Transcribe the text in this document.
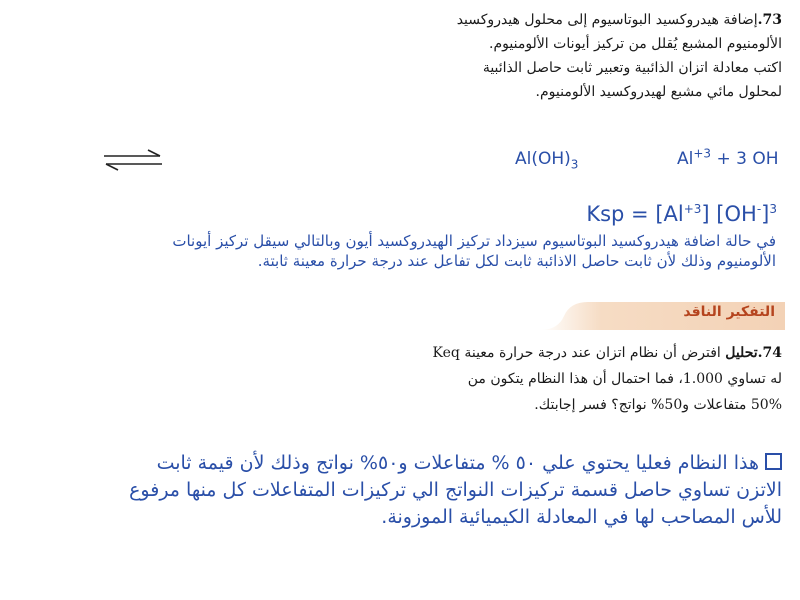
73.إضافة هيدروكسيد البوتاسيوم إلى محلول هيدروكسيد
الألومنيوم المشبع يُقلل من تركيز أيونات الألومنيوم.
اكتب معادلة اتزان الذائبية وتعبير ثابت حاصل الذائبية
لمحلول مائي مشبع لهيدروكسيد الألومنيوم.
$Al(OH)_3$	$Al^{+3} + 3$ OH
Ksp = $[Al^{+3}]$ $[OH^-]^3$
في حالة اضافة هيدروكسيد البوتاسيوم سيزداد تركيز الهيدروكسيد أيون وبالتالي سيقل تركيز أيونات
الألومنيوم وذلك لأن ثابت حاصل الاذائبة ثابت لكل تفاعل عند درجة حرارة معينة ثابتة.
التفكير الناقد
74.تحليل افترض أن نظام اتزان عند درجة حرارة معينة Keq
له تساوي 1.000، فما احتمال أن هذا النظام يتكون من
50% متفاعلات و50% نواتج؟ فسر إجابتك.
هذا النظام فعليا يحتوي علي ٥٠ % متفاعلات و٥٠% نواتج وذلك لأن قيمة ثابت
الاتزن تساوي حاصل قسمة تركيزات النواتج الي تركيزات المتفاعلات كل منها مرفوع
للأس المصاحب لها في المعادلة الكيميائية الموزونة.
